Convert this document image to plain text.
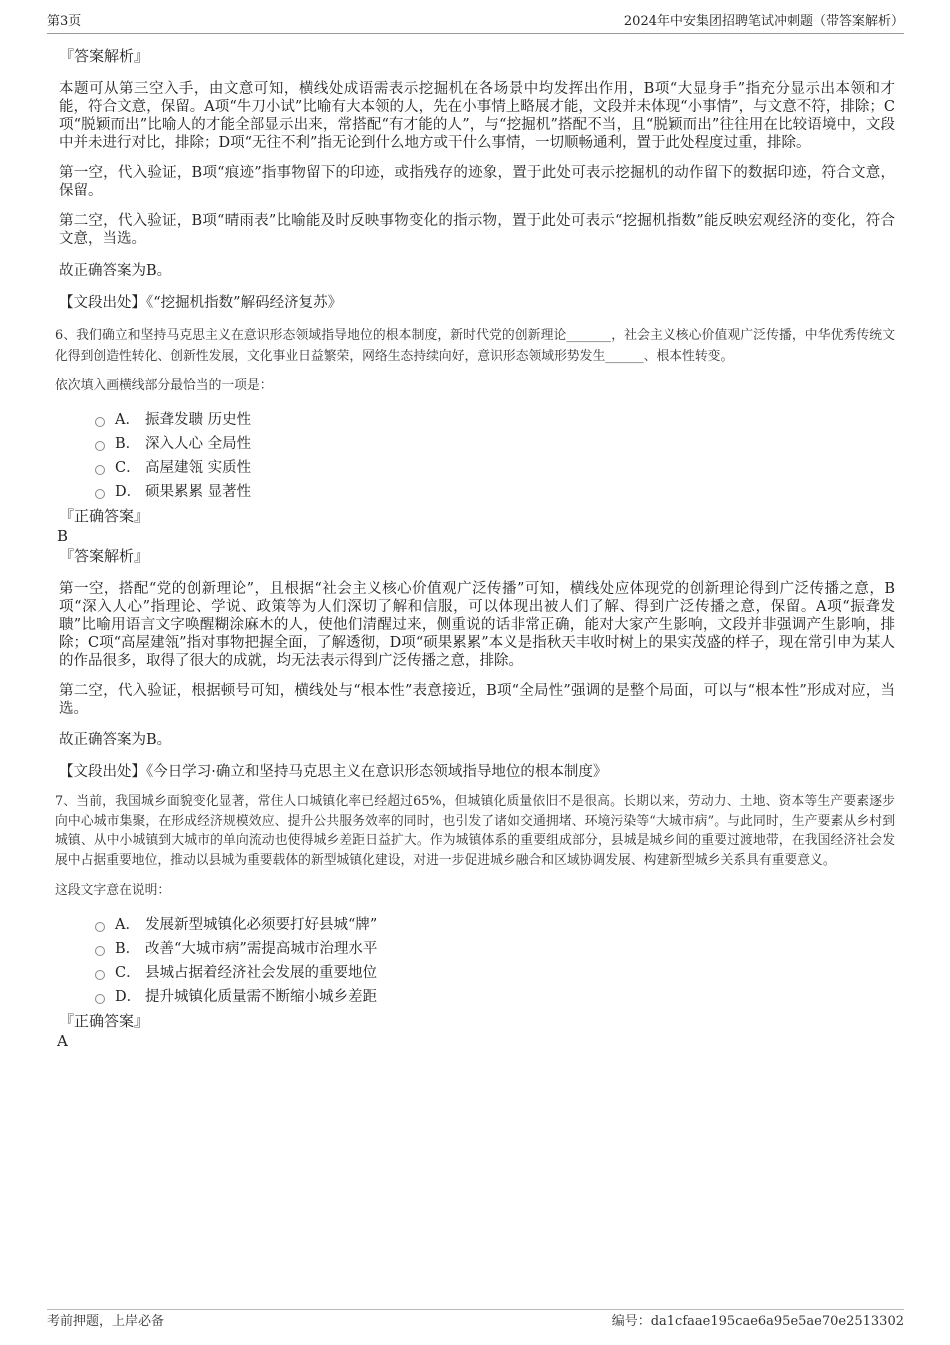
第3页	2024年中安集团招聘笔试冲刺题（带答案解析）
『答案解析』

本题可从第三空入手，由文意可知，横线处成语需表示挖掘机在各场景中均发挥出作用，B项“大显身手”指充分显示出本领和才能，符合文意，保留。A项“牛刀小试”比喻有大本领的人，先在小事情上略展才能，文段并未体现“小事情”，与文意不符，排除；C项“脱颖而出”比喻人的才能全部显示出来，常搭配“有才能的人”，与“挖掘机”搭配不当，且“脱颖而出”往往用在比较语境中，文段中并未进行对比，排除；D项“无往不利”指无论到什么地方或干什么事情，一切顺畅通利，置于此处程度过重，排除。

第一空，代入验证，B项“痕迹”指事物留下的印迹，或指残存的迹象，置于此处可表示挖掘机的动作留下的数据印迹，符合文意，保留。

第二空，代入验证，B项“晴雨表”比喻能及时反映事物变化的指示物，置于此处可表示“挖掘机指数”能反映宏观经济的变化，符合文意，当选。

故正确答案为B。

【文段出处】《“挖掘机指数”解码经济复苏》

6、我们确立和坚持马克思主义在意识形态领域指导地位的根本制度，新时代党的创新理论_______，社会主义核心价值观广泛传播，中华优秀传统文化得到创造性转化、创新性发展，文化事业日益繁荣，网络生态持续向好，意识形态领域形势发生______、根本性转变。

依次填入画横线部分最恰当的一项是：

A． 振聋发聩 历史性
B． 深入人心 全局性
C． 高屋建瓴 实质性
D． 硕果累累 显著性
『正确答案』
B
『答案解析』

第一空，搭配“党的创新理论”，且根据“社会主义核心价值观广泛传播”可知，横线处应体现党的创新理论得到广泛传播之意，B项“深入人心”指理论、学说、政策等为人们深切了解和信服，可以体现出被人们了解、得到广泛传播之意，保留。A项“振聋发聩”比喻用语言文字唤醒糊涂麻木的人，使他们清醒过来，侧重说的话非常正确，能对大家产生影响，文段并非强调产生影响，排除；C项“高屋建瓴”指对事物把握全面，了解透彻，D项“硕果累累”本义是指秋天丰收时树上的果实茂盛的样子，现在常引申为某人的作品很多，取得了很大的成就，均无法表示得到广泛传播之意，排除。

第二空，代入验证，根据顿号可知，横线处与“根本性”表意接近，B项“全局性”强调的是整个局面，可以与“根本性”形成对应，当选。

故正确答案为B。

【文段出处】《今日学习·确立和坚持马克思主义在意识形态领域指导地位的根本制度》

7、当前，我国城乡面貌变化显著，常住人口城镇化率已经超过65%，但城镇化质量依旧不是很高。长期以来，劳动力、土地、资本等生产要素逐步向中心城市集聚，在形成经济规模效应、提升公共服务效率的同时，也引发了诸如交通拥堵、环境污染等“大城市病”。与此同时，生产要素从乡村到城镇、从中小城镇到大城市的单向流动也使得城乡差距日益扩大。作为城镇体系的重要组成部分，县城是城乡间的重要过渡地带，在我国经济社会发展中占据重要地位，推动以县城为重要载体的新型城镇化建设，对进一步促进城乡融合和区域协调发展、构建新型城乡关系具有重要意义。

这段文字意在说明：

A． 发展新型城镇化必须要打好县城“牌”
B． 改善“大城市病”需提高城市治理水平
C． 县城占据着经济社会发展的重要地位
D． 提升城镇化质量需不断缩小城乡差距
『正确答案』
A
考前押题，上岸必备	编号：da1cfaae195cae6a95e5ae70e2513302
